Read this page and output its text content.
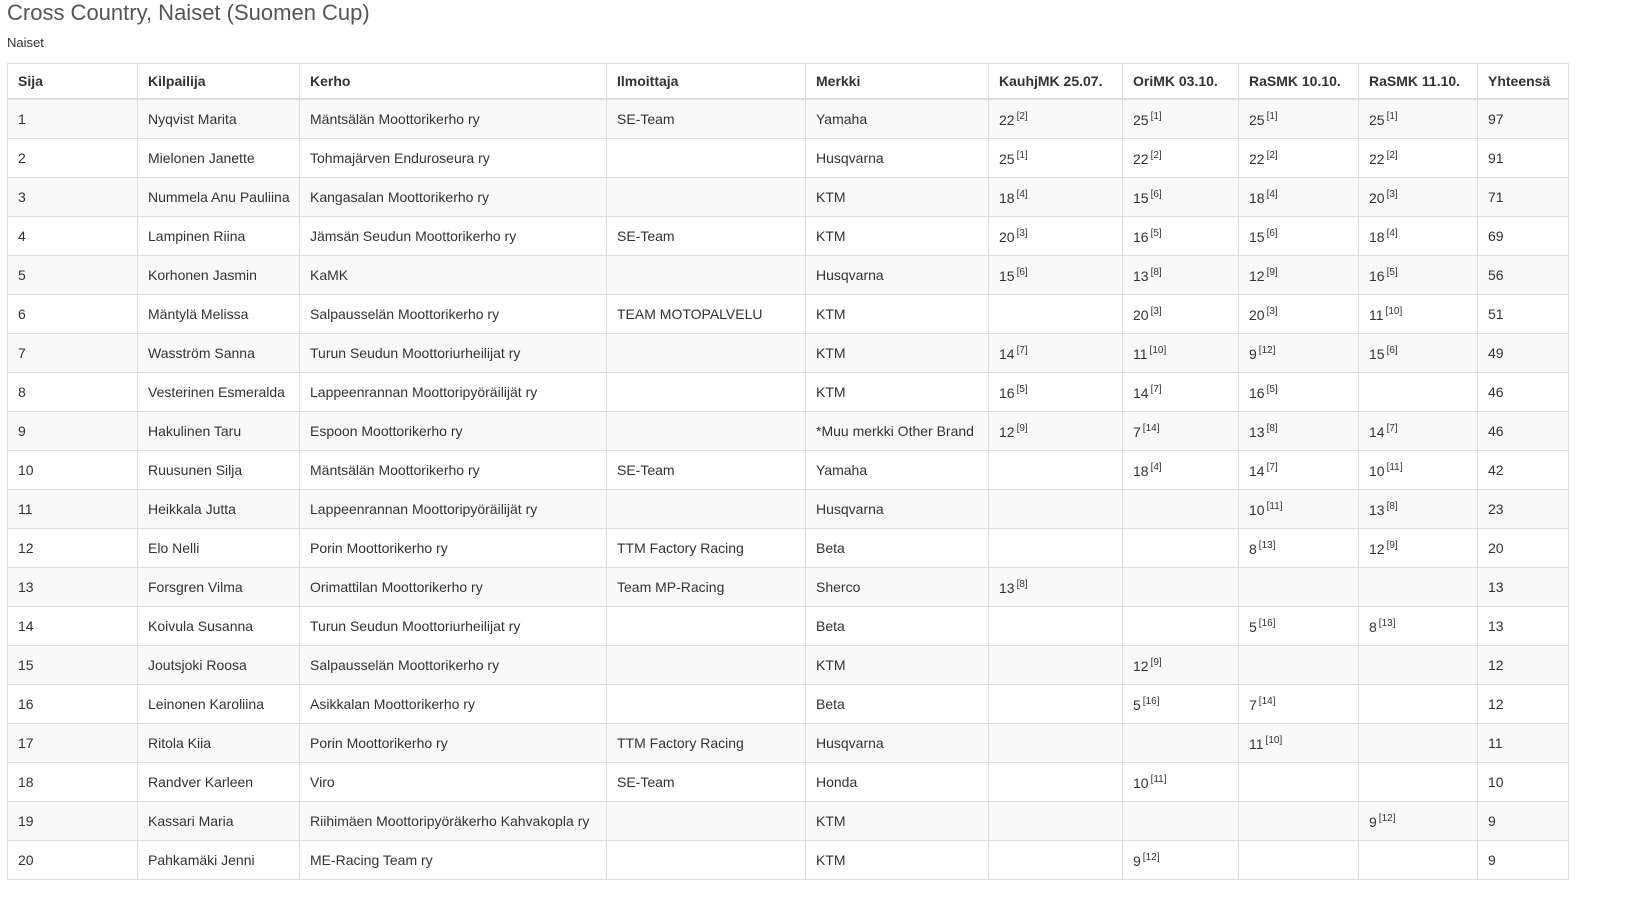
Cross Country, Naiset (Suomen Cup)
Naiset
Sija	Kilpailija	Kerho	Ilmoittaja	Merkki	KauhjMK 25.07.	OriMK 03.10.	RaSMK 10.10.	RaSMK 11.10.	Yhteensä
1	Nyqvist Marita	Mäntsälän Moottorikerho ry	SE-Team	Yamaha	22 [2]	25 [1]	25 [1]	25 [1]	97
2	Mielonen Janette	Tohmajärven Enduroseura ry		Husqvarna	25 [1]	22 [2]	22 [2]	22 [2]	91
3	Nummela Anu Pauliina	Kangasalan Moottorikerho ry		KTM	18 [4]	15 [6]	18 [4]	20 [3]	71
4	Lampinen Riina	Jämsän Seudun Moottorikerho ry	SE-Team	KTM	20 [3]	16 [5]	15 [6]	18 [4]	69
5	Korhonen Jasmin	KaMK		Husqvarna	15 [6]	13 [8]	12 [9]	16 [5]	56
6	Mäntylä Melissa	Salpausselän Moottorikerho ry	TEAM MOTOPALVELU	KTM		20 [3]	20 [3]	11 [10]	51
7	Wasström Sanna	Turun Seudun Moottoriurheilijat ry		KTM	14 [7]	11 [10]	9 [12]	15 [6]	49
8	Vesterinen Esmeralda	Lappeenrannan Moottoripyöräilijät ry		KTM	16 [5]	14 [7]	16 [5]		46
9	Hakulinen Taru	Espoon Moottorikerho ry		*Muu merkki Other Brand	12 [9]	7 [14]	13 [8]	14 [7]	46
10	Ruusunen Silja	Mäntsälän Moottorikerho ry	SE-Team	Yamaha		18 [4]	14 [7]	10 [11]	42
11	Heikkala Jutta	Lappeenrannan Moottoripyöräilijät ry		Husqvarna			10 [11]	13 [8]	23
12	Elo Nelli	Porin Moottorikerho ry	TTM Factory Racing	Beta			8 [13]	12 [9]	20
13	Forsgren Vilma	Orimattilan Moottorikerho ry	Team MP-Racing	Sherco	13 [8]				13
14	Koivula Susanna	Turun Seudun Moottoriurheilijat ry		Beta			5 [16]	8 [13]	13
15	Joutsjoki Roosa	Salpausselän Moottorikerho ry		KTM		12 [9]			12
16	Leinonen Karoliina	Asikkalan Moottorikerho ry		Beta		5 [16]	7 [14]		12
17	Ritola Kiia	Porin Moottorikerho ry	TTM Factory Racing	Husqvarna			11 [10]		11
18	Randver Karleen	Viro	SE-Team	Honda		10 [11]			10
19	Kassari Maria	Riihimäen Moottoripyöräkerho Kahvakopla ry		KTM				9 [12]	9
20	Pahkamäki Jenni	ME-Racing Team ry		KTM		9 [12]			9
